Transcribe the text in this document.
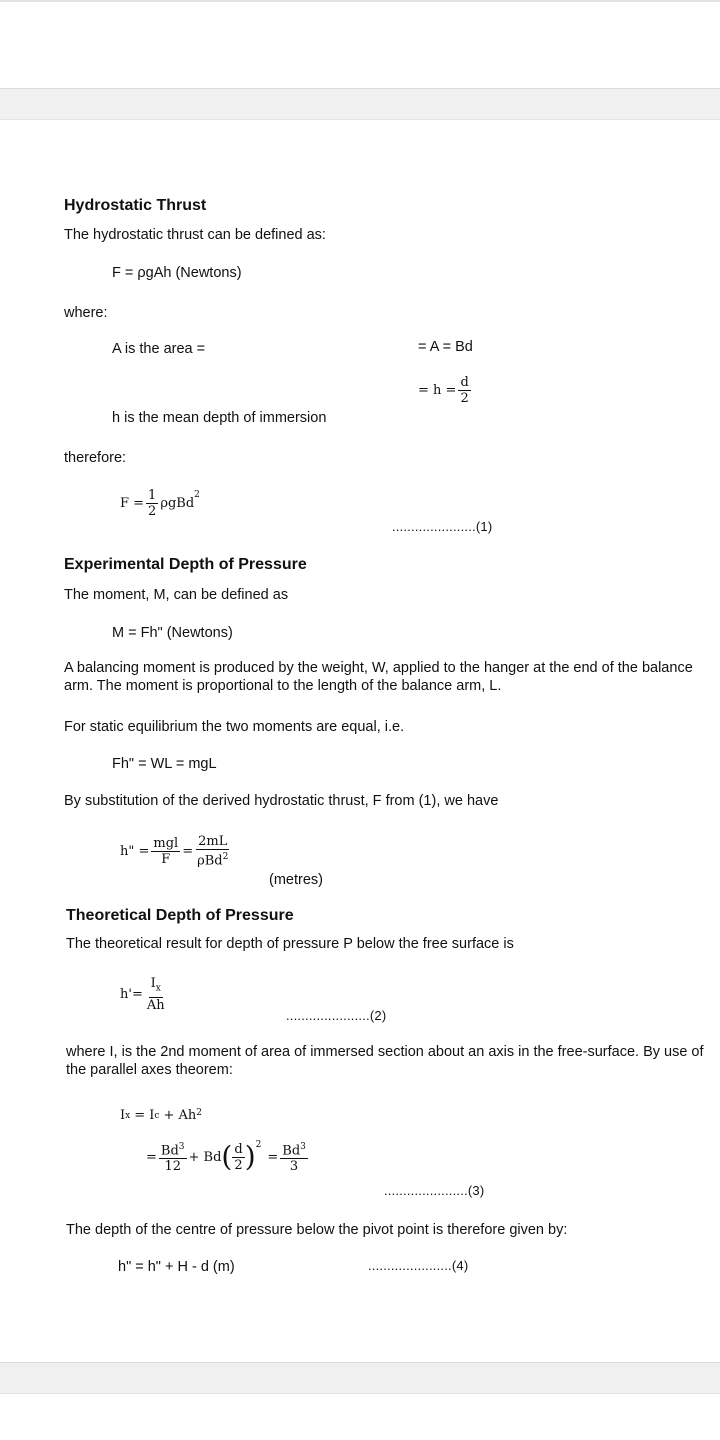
Hydrostatic Thrust
The hydrostatic thrust can be defined as:
F = ρgAh (Newtons)
where:
A is the area =	= A = Bd
= $h = \frac{d}{2}$
h is the mean depth of immersion
therefore:
$F = \frac{1}{2}$ ρgBd
$^2$
......................(1)
Experimental Depth of Pressure
The moment, M, can be defined as
M = Fh" (Newtons)
A balancing moment is produced by the weight, W, applied to the hanger at the end of the balance arm. The moment is proportional to the length of the balance arm, L.
For static equilibrium the two moments are equal, i.e.
Fh" = WL = mgL
By substitution of the derived hydrostatic thrust, F from (1), we have
h" = $\frac{\text{mgl}}{F} = \frac{2mL}{\rho Bd^2}$
(metres)
Theoretical Depth of Pressure
The theoretical result for depth of pressure P below the free surface is
$h'= \frac{I_x}{Ah}$
......................(2)
where I, is the 2nd moment of area of immersed section about an axis in the free-surface. By use of the parallel axes theorem:
I x = I c + Ah 2
= $\frac{Bd^3}{12} + Bd$ ( $\frac{d}{2} )^2$
= $\frac{Bd^3}{3}$
......................(3)
The depth of the centre of pressure below the pivot point is therefore given by:
h" = h" + H - d (m)	......................(4)
